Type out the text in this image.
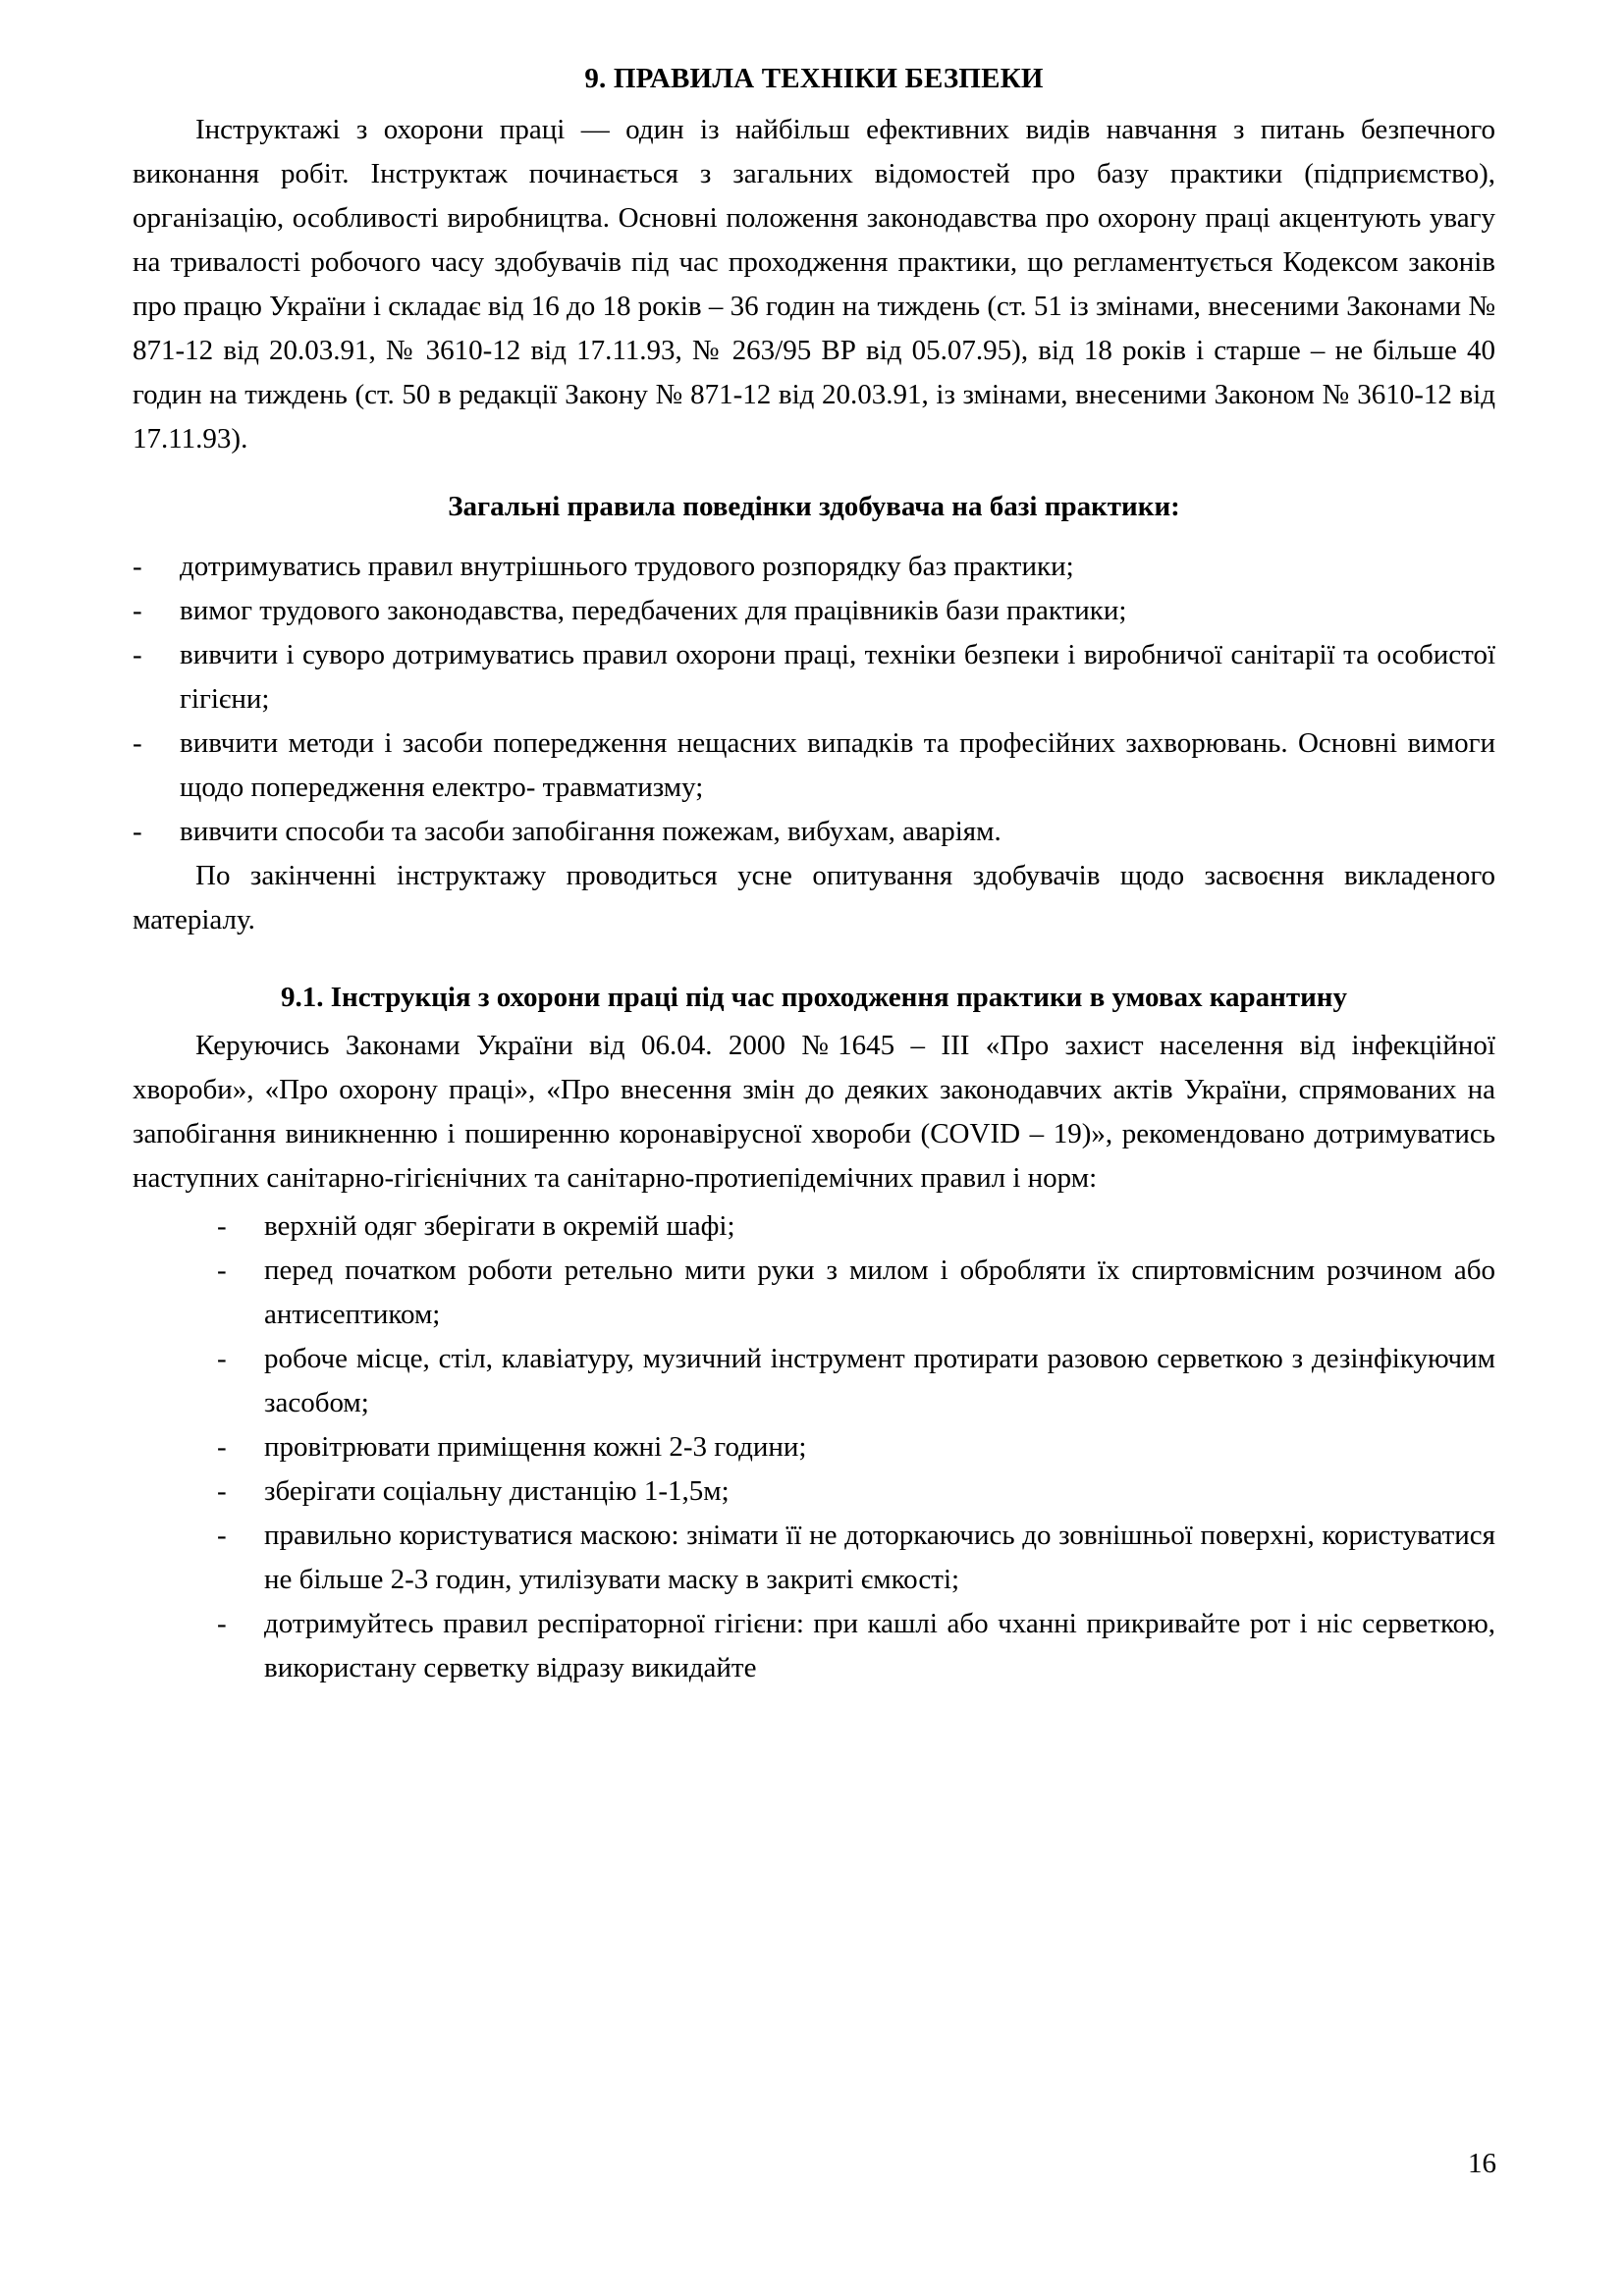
9. ПРАВИЛА ТЕХНІКИ БЕЗПЕКИ

Інструктажі з охорони праці — один із найбільш ефективних видів навчання з питань безпечного виконання робіт. Інструктаж починається з загальних відомостей про базу практики (підприємство), організацію, особливості виробництва. Основні положення законодавства про охорону праці акцентують увагу на тривалості робочого часу здобувачів під час проходження практики, що регламентується Кодексом законів про працю України і складає від 16 до 18 років – 36 годин на тиждень (ст. 51 із змінами, внесеними Законами № 871-12 від 20.03.91, № 3610-12 від 17.11.93, № 263/95 ВР від 05.07.95), від 18 років і старше – не більше 40 годин на тиждень (ст. 50 в редакції Закону № 871-12 від 20.03.91, із змінами, внесеними Законом № 3610-12 від 17.11.93).

Загальні правила поведінки здобувача на базі практики:
-	дотримуватись правил внутрішнього трудового розпорядку баз практики;
-	вимог трудового законодавства, передбачених для працівників бази практики;
-	вивчити і суворо дотримуватись правил охорони праці, техніки безпеки і виробничої санітарії та особистої гігієни;
-	вивчити методи і засоби попередження нещасних випадків та професійних захворювань. Основні вимоги щодо попередження електро- травматизму;
-	вивчити способи та засоби запобігання пожежам, вибухам, аваріям.

По закінченні інструктажу проводиться усне опитування здобувачів щодо засвоєння викладеного матеріалу.

9.1. Інструкція з охорони праці під час проходження практики в умовах карантину

Керуючись Законами України від 06.04. 2000 №1645 – ІІІ «Про захист населення від інфекційної хвороби», «Про охорону праці», «Про внесення змін до деяких законодавчих актів України, спрямованих на запобігання виникненню і поширенню коронавірусної хвороби (COVID – 19)», рекомендовано дотримуватись наступних санітарно-гігієнічних та санітарно-протиепідемічних правил і норм:

-	верхній одяг зберігати в окремій шафі;
-	перед початком роботи ретельно мити руки з милом і обробляти їх спиртовмісним розчином або антисептиком;
-	робоче місце, стіл, клавіатуру, музичний інструмент протирати разовою серветкою з дезінфікуючим засобом;
-	провітрювати приміщення кожні 2-3 години;
-	зберігати соціальну дистанцію 1-1,5м;
-	правильно користуватися маскою: знімати її не доторкаючись до зовнішньої поверхні, користуватися не більше 2-3 годин, утилізувати маску в закриті ємкості;
-	дотримуйтесь правил респіраторної гігієни: при кашлі або чханні прикривайте рот і ніс серветкою, використану серветку відразу викидайте
16
